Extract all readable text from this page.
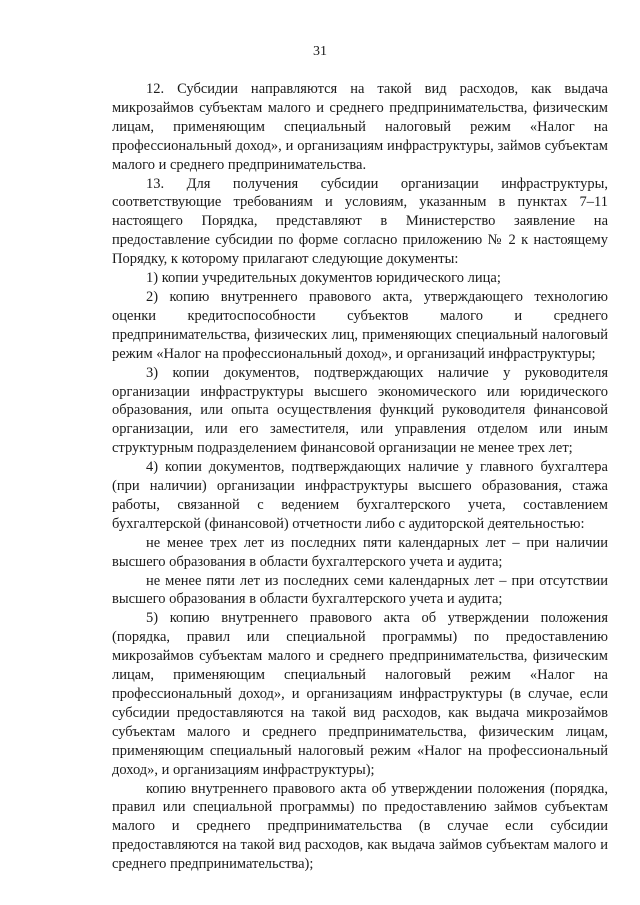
31

12. Субсидии направляются на такой вид расходов, как выдача микрозаймов субъектам малого и среднего предпринимательства, физическим лицам, применяющим специальный налоговый режим «Налог на профессиональный доход», и организациям инфраструктуры, займов субъектам малого и среднего предпринимательства.

13. Для получения субсидии организации инфраструктуры, соответствующие требованиям и условиям, указанным в пунктах 7–11 настоящего Порядка, представляют в Министерство заявление на предоставление субсидии по форме согласно приложению № 2 к настоящему Порядку, к которому прилагают следующие документы:

1) копии учредительных документов юридического лица;

2) копию внутреннего правового акта, утверждающего технологию оценки кредитоспособности субъектов малого и среднего предпринимательства, физических лиц, применяющих специальный налоговый режим «Налог на профессиональный доход», и организаций инфраструктуры;

3) копии документов, подтверждающих наличие у руководителя организации инфраструктуры высшего экономического или юридического образования, или опыта осуществления функций руководителя финансовой организации, или его заместителя, или управления отделом или иным структурным подразделением финансовой организации не менее трех лет;

4) копии документов, подтверждающих наличие у главного бухгалтера (при наличии) организации инфраструктуры высшего образования, стажа работы, связанной с ведением бухгалтерского учета, составлением бухгалтерской (финансовой) отчетности либо с аудиторской деятельностью:

не менее трех лет из последних пяти календарных лет – при наличии высшего образования в области бухгалтерского учета и аудита;

не менее пяти лет из последних семи календарных лет – при отсутствии высшего образования в области бухгалтерского учета и аудита;

5) копию внутреннего правового акта об утверждении положения (порядка, правил или специальной программы) по предоставлению микрозаймов субъектам малого и среднего предпринимательства, физическим лицам, применяющим специальный налоговый режим «Налог на профессиональный доход», и организациям инфраструктуры (в случае, если субсидии предоставляются на такой вид расходов, как выдача микрозаймов субъектам малого и среднего предпринимательства, физическим лицам, применяющим специальный налоговый режим «Налог на профессиональный доход», и организациям инфраструктуры);

копию внутреннего правового акта об утверждении положения (порядка, правил или специальной программы) по предоставлению займов субъектам малого и среднего предпринимательства (в случае если субсидии предоставляются на такой вид расходов, как выдача займов субъектам малого и среднего предпринимательства);
